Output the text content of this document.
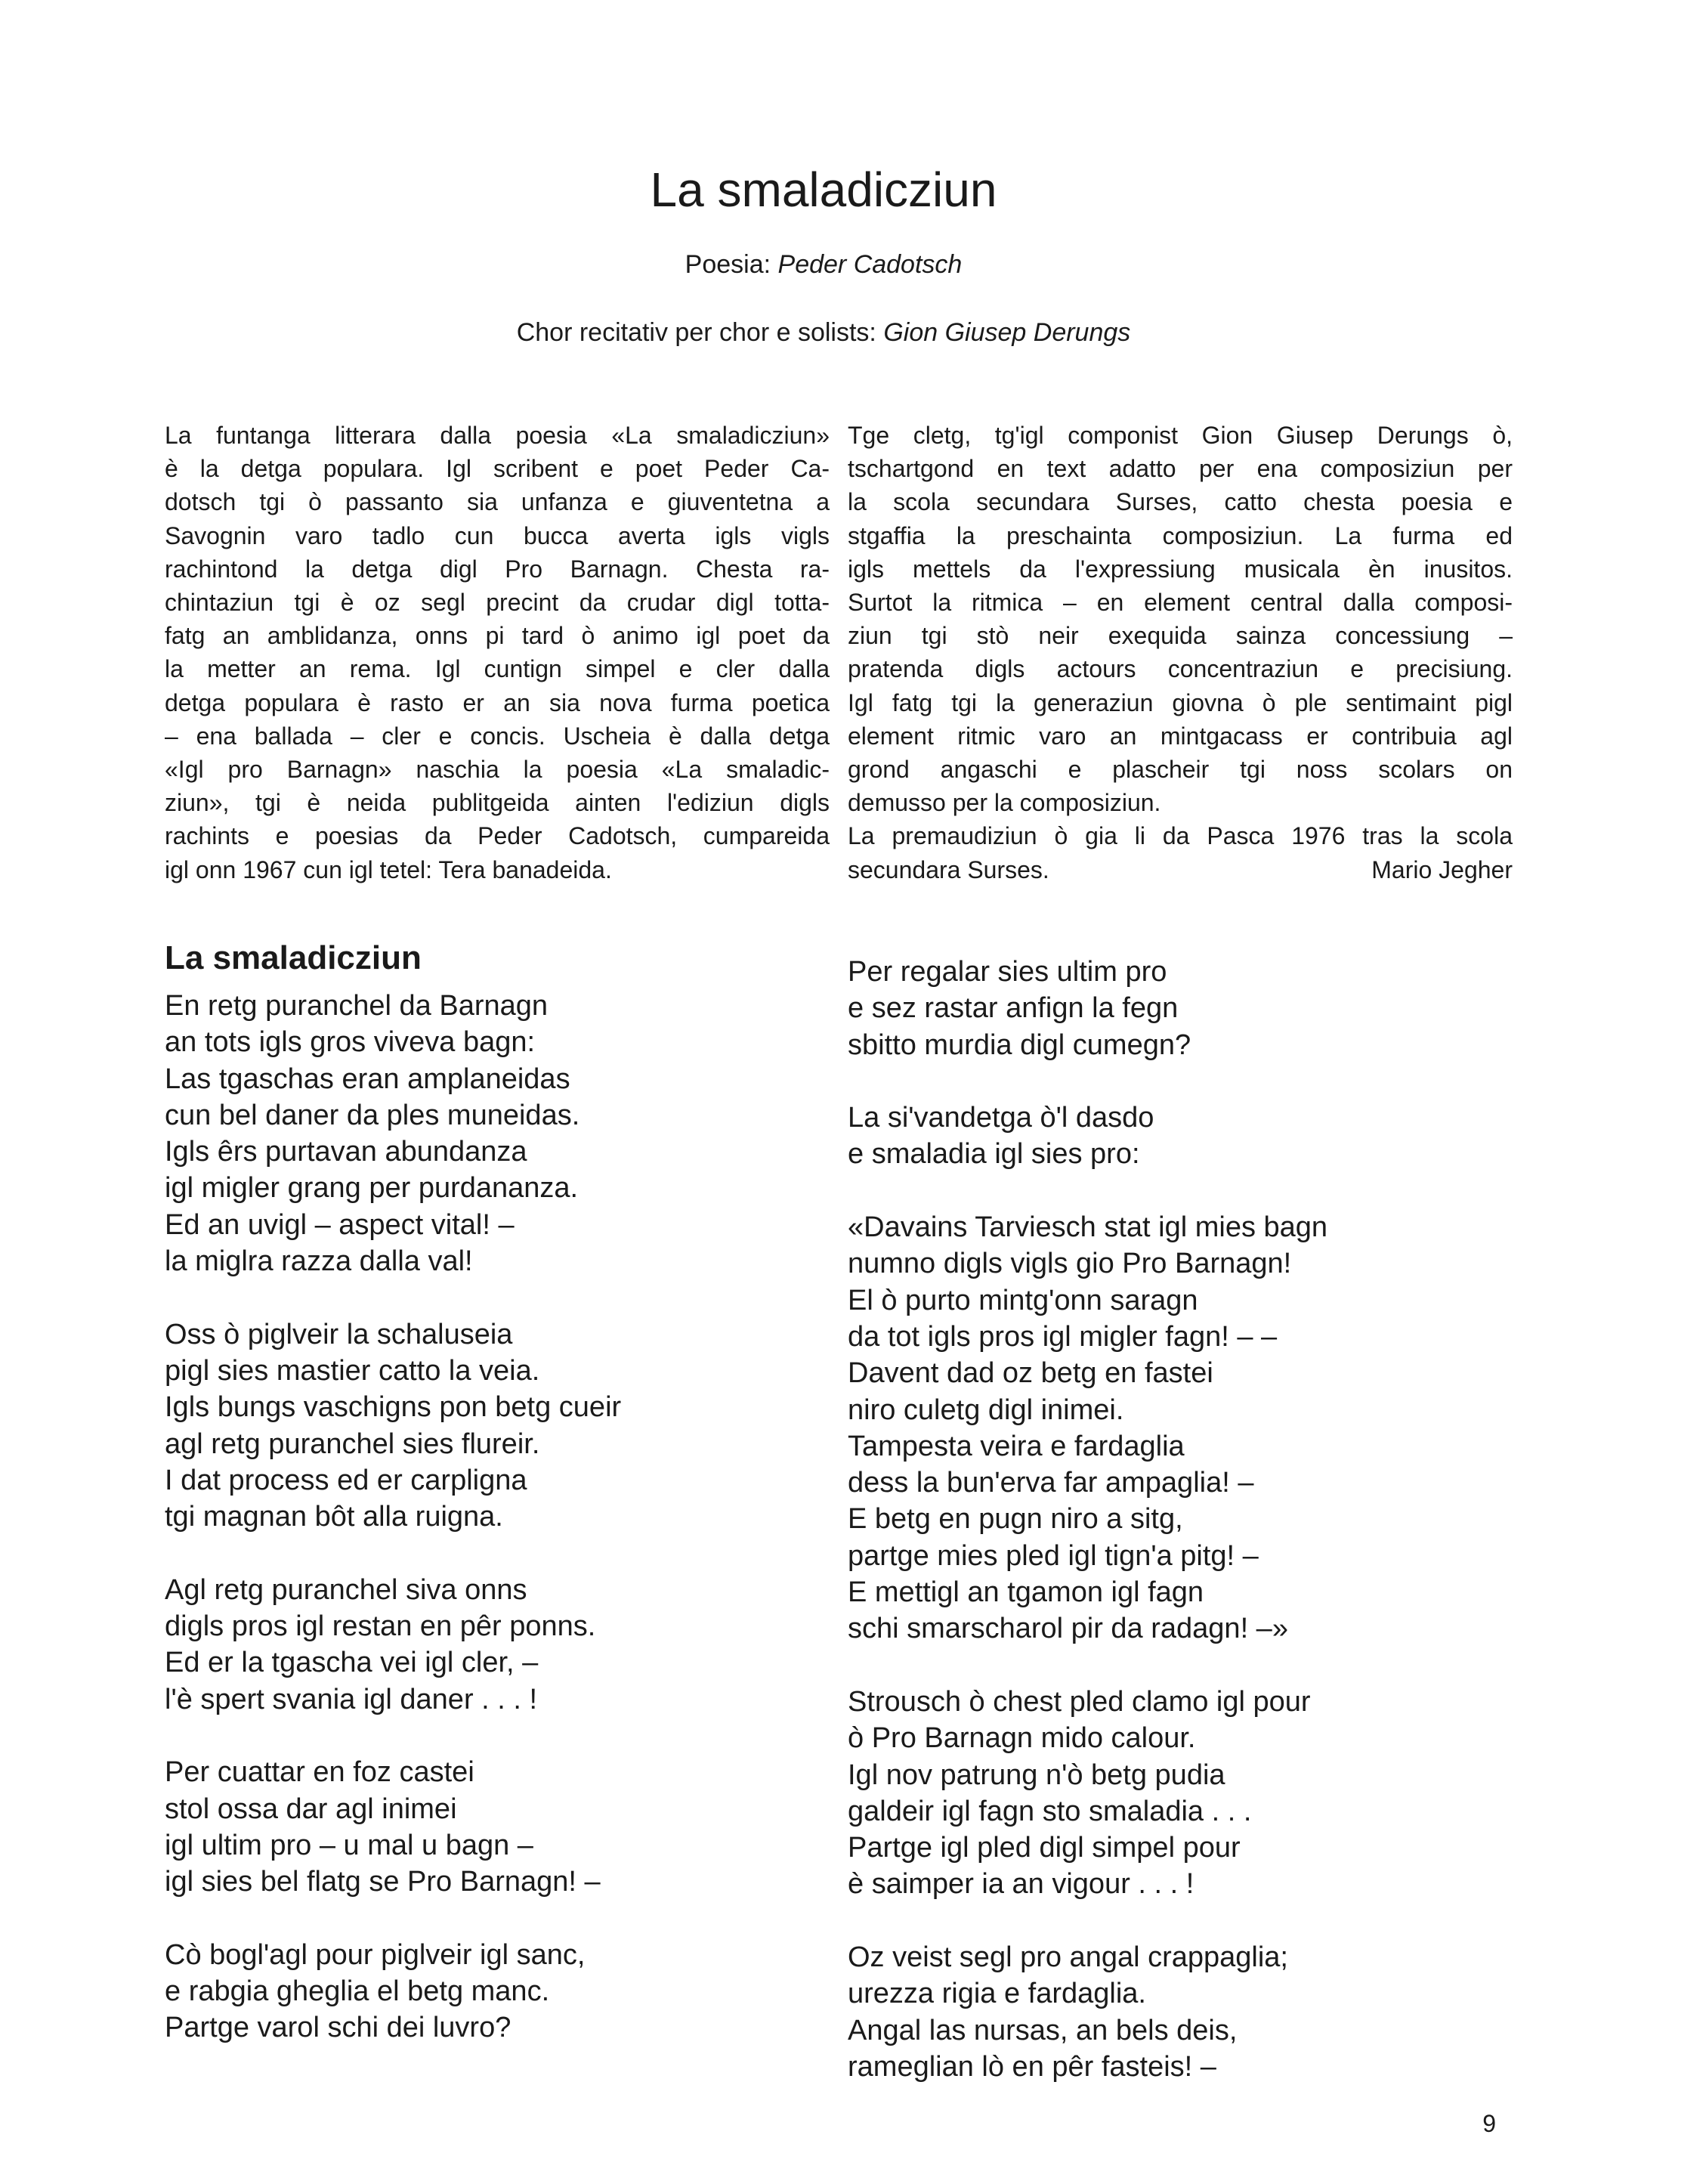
La smaladicziun

Poesia: Peder Cadotsch

Chor recitativ per chor e solists: Gion Giusep Derungs

La funtanga litterara dalla poesia «La smaladicziun»
è la detga populara. Igl scribent e poet Peder Ca-
dotsch tgi ò passanto sia unfanza e giuventetna a
Savognin varo tadlo cun bucca averta igls vigls
rachintond la detga digl Pro Barnagn. Chesta ra-
chintaziun tgi è oz segl precint da crudar digl totta-
fatg an amblidanza, onns pi tard ò animo igl poet da
la metter an rema. Igl cuntign simpel e cler dalla
detga populara è rasto er an sia nova furma poetica
– ena ballada – cler e concis. Uscheia è dalla detga
«Igl pro Barnagn» naschia la poesia «La smaladic-
ziun», tgi è neida publitgeida ainten l'ediziun digls
rachints e poesias da Peder Cadotsch, cumpareida
igl onn 1967 cun igl tetel: Tera banadeida.
Tge cletg, tg'igl componist Gion Giusep Derungs ò,
tschartgond en text adatto per ena composiziun per
la scola secundara Surses, catto chesta poesia e
stgaffia la preschainta composiziun. La furma ed
igls mettels da l'expressiung musicala èn inusitos.
Surtot la ritmica – en element central dalla composi-
ziun tgi stò neir exequida sainza concessiung –
pratenda digls actours concentraziun e precisiung.
Igl fatg tgi la generaziun giovna ò ple sentimaint pigl
element ritmic varo an mintgacass er contribuia agl
grond angaschi e plascheir tgi noss scolars on
demusso per la composiziun.
La premaudiziun ò gia li da Pasca 1976 tras la scola
secundara Surses.	Mario Jegher
La smaladicziun
En retg puranchel da Barnagn
an tots igls gros viveva bagn:
Las tgaschas eran amplaneidas
cun bel daner da ples muneidas.
Igls êrs purtavan abundanza
igl migler grang per purdananza.
Ed an uvigl – aspect vital! –
la miglra razza dalla val!
Oss ò piglveir la schaluseia
pigl sies mastier catto la veia.
Igls bungs vaschigns pon betg cueir
agl retg puranchel sies flureir.
I dat process ed er carpligna
tgi magnan bôt alla ruigna.
Agl retg puranchel siva onns
digls pros igl restan en pêr ponns.
Ed er la tgascha vei igl cler, –
l'è spert svania igl daner . . . !
Per cuattar en foz castei
stol ossa dar agl inimei
igl ultim pro – u mal u bagn –
igl sies bel flatg se Pro Barnagn! –
Cò bogl'agl pour piglveir igl sanc,
e rabgia gheglia el betg manc.
Partge varol schi dei luvro?
Per regalar sies ultim pro
e sez rastar anfign la fegn
sbitto murdia digl cumegn?
La si'vandetga ò'l dasdo
e smaladia igl sies pro:
«Davains Tarviesch stat igl mies bagn
numno digls vigls gio Pro Barnagn!
El ò purto mintg'onn saragn
da tot igls pros igl migler fagn! – –
Davent dad oz betg en fastei
niro culetg digl inimei.
Tampesta veira e fardaglia
dess la bun'erva far ampaglia! –
E betg en pugn niro a sitg,
partge mies pled igl tign'a pitg! –
E mettigl an tgamon igl fagn
schi smarscharol pir da radagn! –»
Strousch ò chest pled clamo igl pour
ò Pro Barnagn mido calour.
Igl nov patrung n'ò betg pudia
galdeir igl fagn sto smaladia . . .
Partge igl pled digl simpel pour
è saimper ia an vigour . . . !
Oz veist segl pro angal crappaglia;
urezza rigia e fardaglia.
Angal las nursas, an bels deis,
rameglian lò en pêr fasteis! –
9
